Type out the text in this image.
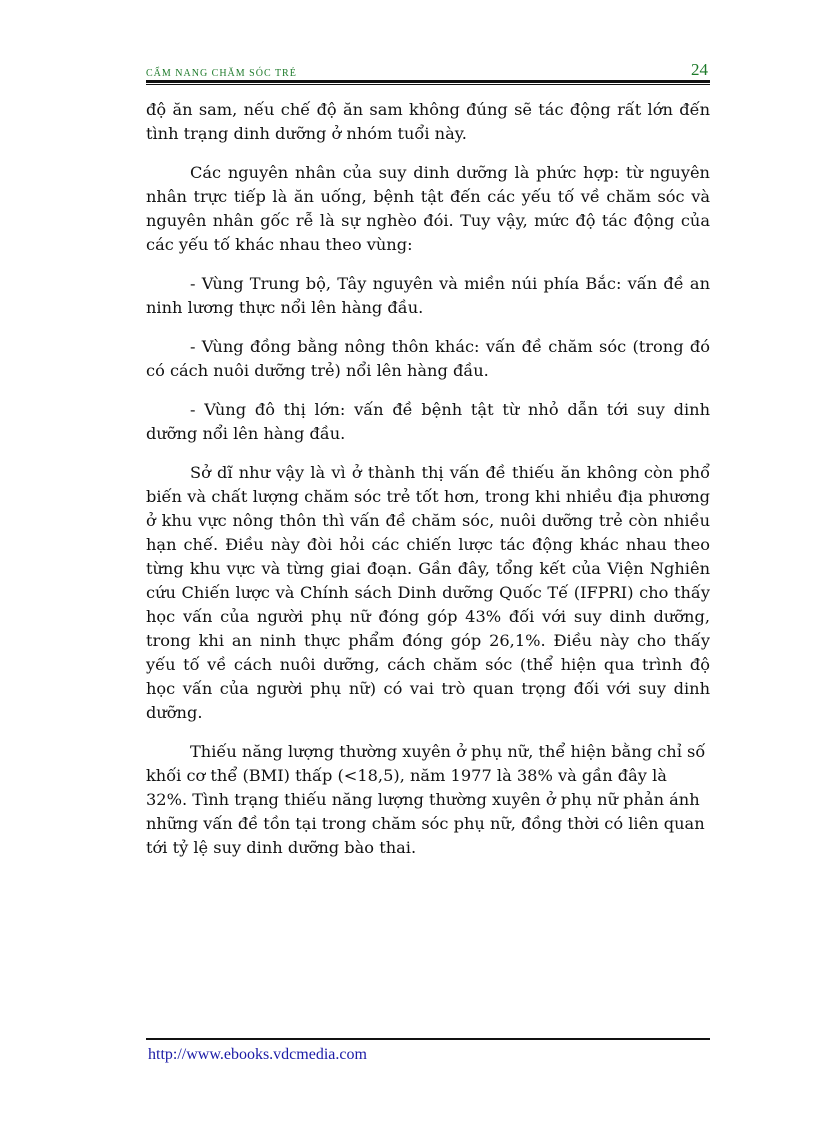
CẨM NANG CHĂM SÓC TRẺ	24

độ ăn sam, nếu chế độ ăn sam không đúng sẽ tác động rất lớn đến tình trạng dinh dưỡng ở nhóm tuổi này.

Các nguyên nhân của suy dinh dưỡng là phức hợp: từ nguyên nhân trực tiếp là ăn uống, bệnh tật đến các yếu tố về chăm sóc và nguyên nhân gốc rễ là sự nghèo đói. Tuy vậy, mức độ tác động của các yếu tố khác nhau theo vùng:

- Vùng Trung bộ, Tây nguyên và miền núi phía Bắc: vấn đề an ninh lương thực nổi lên hàng đầu.

- Vùng đồng bằng nông thôn khác: vấn đề chăm sóc (trong đó có cách nuôi dưỡng trẻ) nổi lên hàng đầu.

- Vùng đô thị lớn: vấn đề bệnh tật từ nhỏ dẫn tới suy dinh dưỡng nổi lên hàng đầu.

Sở dĩ như vậy là vì ở thành thị vấn đề thiếu ăn không còn phổ biến và chất lượng chăm sóc trẻ tốt hơn, trong khi nhiều địa phương ở khu vực nông thôn thì vấn đề chăm sóc, nuôi dưỡng trẻ còn nhiều hạn chế. Điều này đòi hỏi các chiến lược tác động khác nhau theo từng khu vực và từng giai đoạn. Gần đây, tổng kết của Viện Nghiên cứu Chiến lược và Chính sách Dinh dưỡng Quốc Tế (IFPRI) cho thấy học vấn của người phụ nữ đóng góp 43% đối với suy dinh dưỡng, trong khi an ninh thực phẩm đóng góp 26,1%. Điều này cho thấy yếu tố về cách nuôi dưỡng, cách chăm sóc (thể hiện qua trình độ học vấn của người phụ nữ) có vai trò quan trọng đối với suy dinh dưỡng.

Thiếu năng lượng thường xuyên ở phụ nữ, thể hiện bằng chỉ số khối cơ thể (BMI) thấp (<18,5), năm 1977 là 38% và gần đây là 32%. Tình trạng thiếu năng lượng thường xuyên ở phụ nữ phản ánh những vấn đề tồn tại trong chăm sóc phụ nữ, đồng thời có liên quan tới tỷ lệ suy dinh dưỡng bào thai.

http://www.ebooks.vdcmedia.com
